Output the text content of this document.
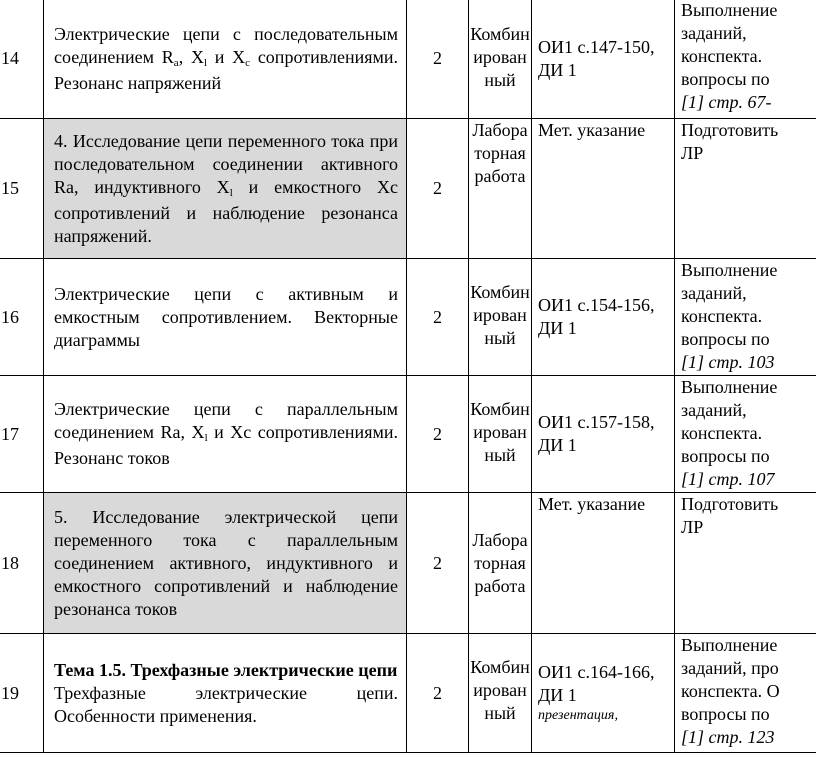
14	Электрические цепи с последовательным соединением $R_a$, $X_l$ и $X_c$ сопротивлениями. Резонанс напряжений	2	Комбин
ирован
ный	ОИ1 с.147-150, ДИ 1	Выполнение
заданий,
конспекта.
вопросы по
[1] стр. 67-

15	4. Исследование цепи переменного тока при последовательном соединении активного Ra, индуктивного $X_l$ и емкостного Xc сопротивлений и наблюдение резонанса напряжений.	2	Лабора
торная
работа	Мет. указание	Подготовить
ЛР

16	Электрические цепи с активным и емкостным сопротивлением. Векторные диаграммы	2	Комбин
ирован
ный	ОИ1 с.154-156, ДИ 1	Выполнение
заданий,
конспекта.
вопросы по
[1] стр. 103

17	Электрические цепи с параллельным соединением Ra, $X_l$ и Xc сопротивлениями. Резонанс токов	2	Комбин
ирован
ный	ОИ1 с.157-158, ДИ 1	Выполнение
заданий,
конспекта.
вопросы по
[1] стр. 107

18	5. Исследование электрической цепи переменного тока с параллельным соединением активного, индуктивного и емкостного сопротивлений и наблюдение резонанса токов	2	Лабора
торная
работа	Мет. указание	Подготовить
ЛР

19	Тема 1.5. Трехфазные электрические цепи
Трехфазные электрические цепи. Особенности применения.	2	Комбин
ирован
ный	ОИ1 с.164-166, ДИ 1
презентация,	Выполнение
заданий, про
конспекта. О
вопросы по
[1] стр. 123
